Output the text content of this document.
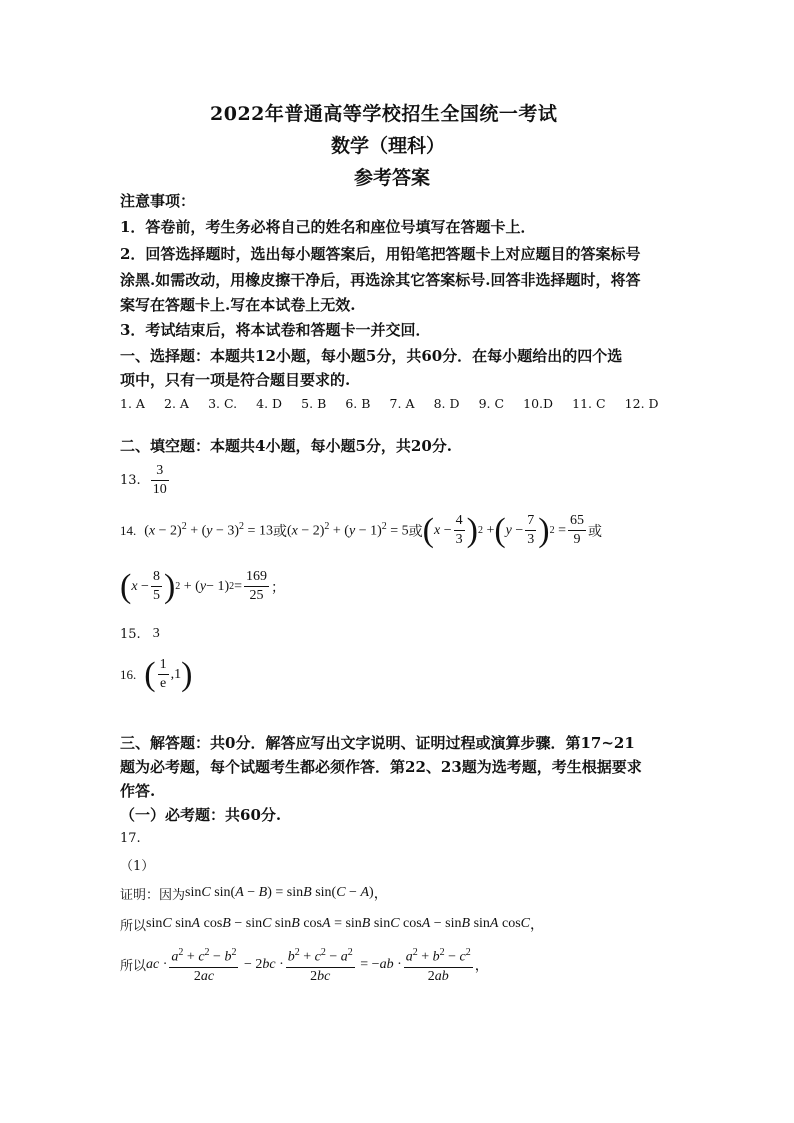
2022年普通高等学校招生全国统一考试
数学（理科）
参考答案
注意事项：
1．答卷前，考生务必将自己的姓名和座位号填写在答题卡上．
2．回答选择题时，选出每小题答案后，用铅笔把答题卡上对应题目的答案标号
涂黑.如需改动，用橡皮擦干净后，再选涂其它答案标号.回答非选择题时，将答
案写在答题卡上.写在本试卷上无效.
3．考试结束后，将本试卷和答题卡一并交回．
一、选择题：本题共12小题，每小题5分，共60分．在每小题给出的四个选
项中，只有一项是符合题目要求的.
1. A 2. A 3. C. 4. D 5. B 6. B 7. A 8. D 9. C 10.D 11. C 12. D
二、填空题：本题共4小题，每小题5分，共20分.
13. $\frac{3}{10}$
14. $(x - 2)^2 + (y - 3)^2 = 13$ 或 $(x - 2)^2 + (y - 1)^2 = 5$ 或 ( $x - \frac{4}{3}$ ) 2 + ( $y - \frac{7}{3}$ ) $2 = \frac{65}{9}$ 或
( $x - \frac{8}{5}$ ) 2 + ( y − 1) $2 = \frac{169}{25}$ ；
15. 3
16. ( $\frac{1}{e} ,1$ )
三、解答题：共0分．解答应写出文字说明、证明过程或演算步骤．第17~21
题为必考题，每个试题考生都必须作答．第22、23题为选考题，考生根据要求
作答.
（一）必考题：共60分.
17.
（1）
证明：因为 sinC sin(A − B) = sinB sin(C − A) ，
所以 sinC sinA cosB − sinC sinB cosA = sinB sinC cosA − sinB sinA cosC ，
所以 ac · $\frac{a^2 + c^2 - b^2}{2ac} - 2$ bc · $\frac{b^2 + c^2 - a^2}{2bc}$ = − ab · $\frac{a^2 + b^2 - c^2}{2ab}$ ，
